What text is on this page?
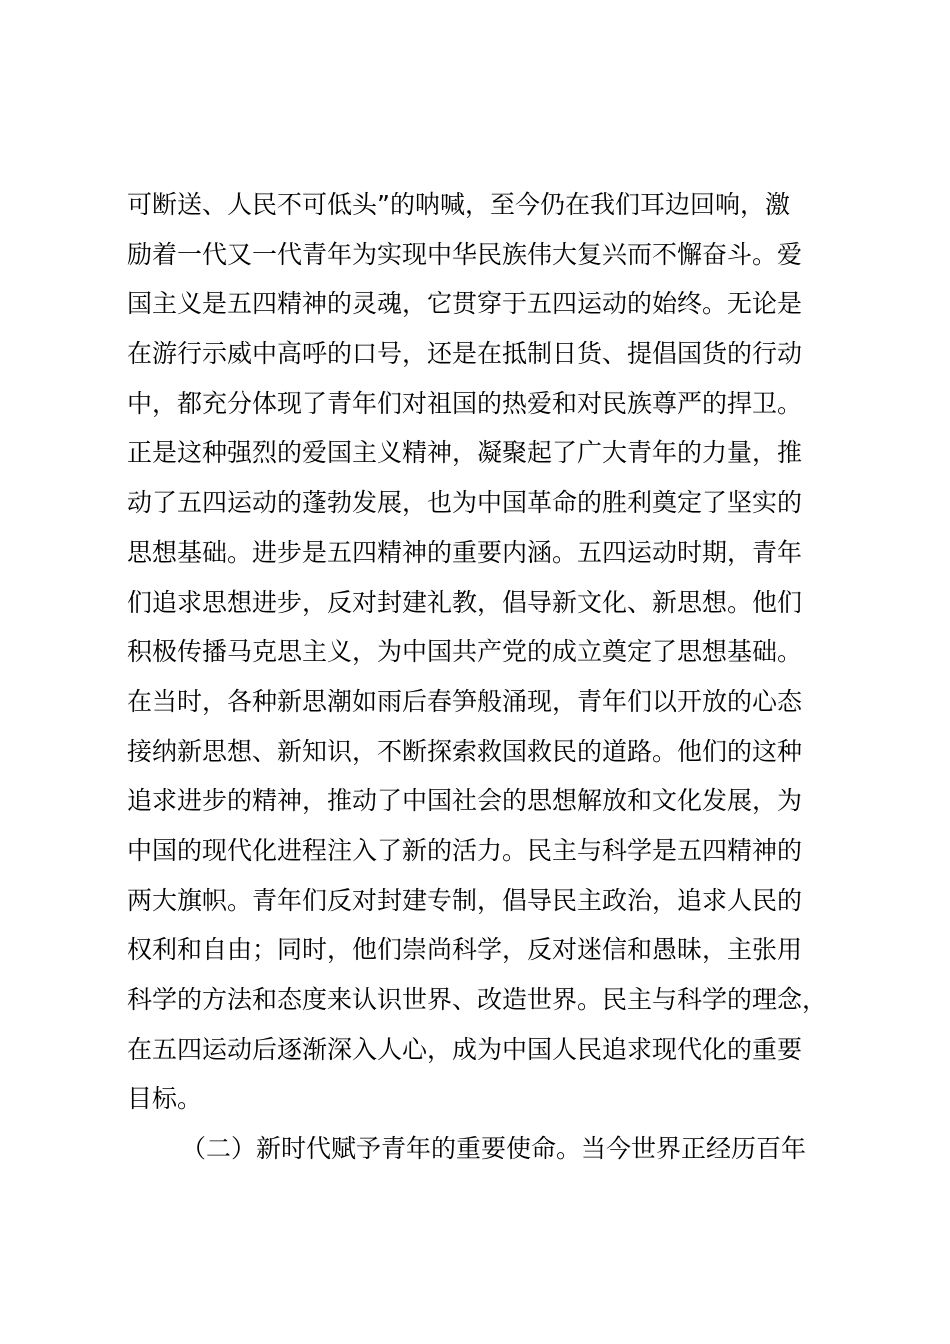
可断送、人民不可低头”的呐喊，至今仍在我们耳边回响，激
励着一代又一代青年为实现中华民族伟大复兴而不懈奋斗。爱
国主义是五四精神的灵魂，它贯穿于五四运动的始终。无论是
在游行示威中高呼的口号，还是在抵制日货、提倡国货的行动
中，都充分体现了青年们对祖国的热爱和对民族尊严的捍卫。
正是这种强烈的爱国主义精神，凝聚起了广大青年的力量，推
动了五四运动的蓬勃发展，也为中国革命的胜利奠定了坚实的
思想基础。进步是五四精神的重要内涵。五四运动时期，青年
们追求思想进步，反对封建礼教，倡导新文化、新思想。他们
积极传播马克思主义，为中国共产党的成立奠定了思想基础。
在当时，各种新思潮如雨后春笋般涌现，青年们以开放的心态
接纳新思想、新知识，不断探索救国救民的道路。他们的这种
追求进步的精神，推动了中国社会的思想解放和文化发展，为
中国的现代化进程注入了新的活力。民主与科学是五四精神的
两大旗帜。青年们反对封建专制，倡导民主政治，追求人民的
权利和自由；同时，他们崇尚科学，反对迷信和愚昧，主张用
科学的方法和态度来认识世界、改造世界。民主与科学的理念，
在五四运动后逐渐深入人心，成为中国人民追求现代化的重要
目标。
（二）新时代赋予青年的重要使命。当今世界正经历百年
